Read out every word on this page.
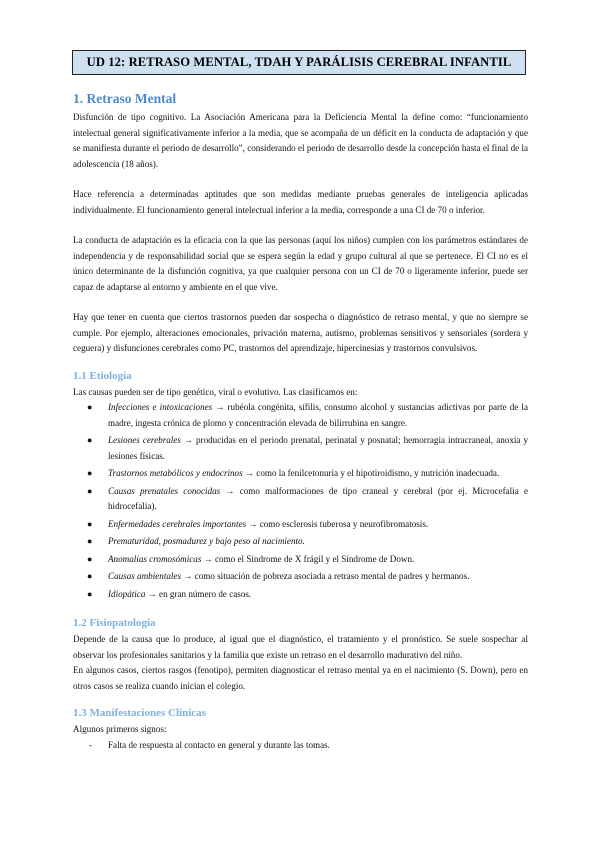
UD 12: RETRASO MENTAL, TDAH Y PARÁLISIS CEREBRAL INFANTIL
1. Retraso Mental

Disfunción de tipo cognitivo. La Asociación Americana para la Deficiencia Mental la define como: “funcionamiento intelectual general significativamente inferior a la media, que se acompaña de un déficit en la conducta de adaptación y que se manifiesta durante el periodo de desarrollo”, considerando el periodo de desarrollo desde la concepción hasta el final de la adolescencia (18 años).

Hace referencia a determinadas aptitudes que son medidas mediante pruebas generales de inteligencia aplicadas individualmente. El funcionamiento general intelectual inferior a la media, corresponde a una CI de 70 o inferior.

La conducta de adaptación es la eficacia con la que las personas (aquí los niños) cumplen con los parámetros estándares de independencia y de responsabilidad social que se espera según la edad y grupo cultural al que se pertenece. El CI no es el único determinante de la disfunción cognitiva, ya que cualquier persona con un CI de 70 o ligeramente inferior, puede ser capaz de adaptarse al entorno y ambiente en el que vive.

Hay que tener en cuenta que ciertos trastornos pueden dar sospecha o diagnóstico de retraso mental, y que no siempre se cumple. Por ejemplo, alteraciones emocionales, privación materna, autismo, problemas sensitivos y sensoriales (sordera y ceguera) y disfunciones cerebrales como PC, trastornos del aprendizaje, hipercinesias y trastornos convulsivos.

1.1 Etiología

Las causas pueden ser de tipo genético, viral o evolutivo. Las clasificamos en:

● Infecciones e intoxicaciones → rubéola congénita, sífilis, consumo alcohol y sustancias adictivas por parte de la madre, ingesta crónica de plomo y concentración elevada de bilirrubina en sangre.
● Lesiones cerebrales → producidas en el periodo prenatal, perinatal y posnatal; hemorragia intracraneal, anoxia y lesiones físicas.
● Trastornos metabólicos y endocrinos → como la fenilcetonuria y el hipotiroidismo, y nutrición inadecuada.
● Causas prenatales conocidas → como malformaciones de tipo craneal y cerebral (por ej. Microcefalia e hidrocefalia).
● Enfermedades cerebrales importantes → como esclerosis tuberosa y neurofibromatosis.
● Prematuridad, posmadurez y bajo peso al nacimiento.
● Anomalías cromosómicas → como el Síndrome de X frágil y el Síndrome de Down.
● Causas ambientales → como situación de pobreza asociada a retraso mental de padres y hermanos.
● Idiopática → en gran número de casos.
1.2 Fisiopatología

Depende de la causa que lo produce, al igual que el diagnóstico, el tratamiento y el pronóstico. Se suele sospechar al observar los profesionales sanitarios y la familia que existe un retraso en el desarrollo madurativo del niño.

En algunos casos, ciertos rasgos (fenotipo), permiten diagnosticar el retraso mental ya en el nacimiento (S. Down), pero en otros casos se realiza cuando inician el colegio.

1.3 Manifestaciones Clínicas

Algunos primeros signos:

- Falta de respuesta al contacto en general y durante las tomas.
